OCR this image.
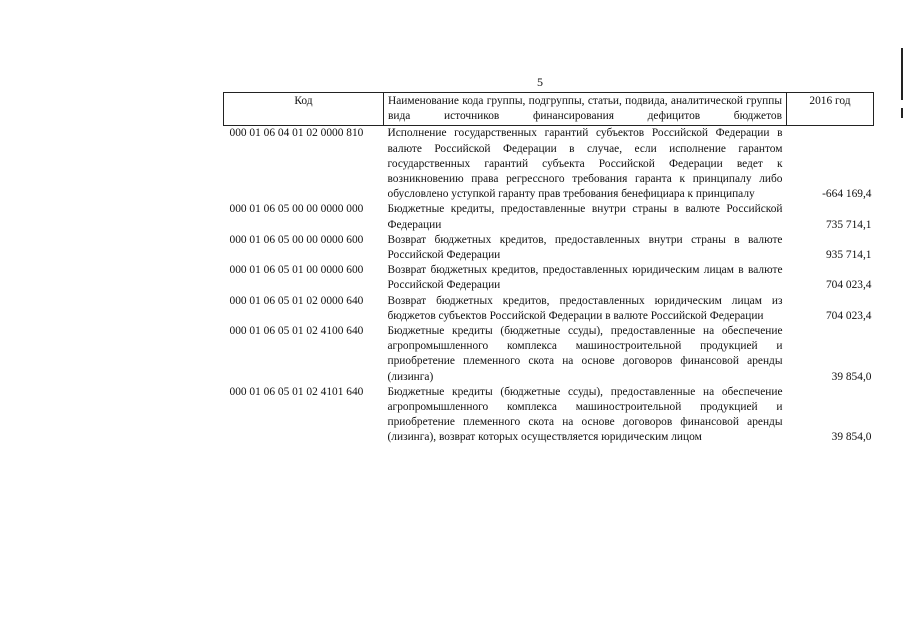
5
Код	Наименование кода группы, подгруппы, статьи, подвида, аналитической группы вида источников финансирования дефицитов бюджетов	2016 год
000 01 06 04 01 02 0000 810	Исполнение государственных гарантий субъектов Российской Федерации в валюте Российской Федерации в случае, если исполнение гарантом государственных гарантий субъекта Российской Федерации ведет к возникновению права регрессного требования гаранта к принципалу либо обусловлено уступкой гаранту прав требования бенефициара к принципалу	-664 169,4
000 01 06 05 00 00 0000 000	Бюджетные кредиты, предоставленные внутри страны в валюте Российской Федерации	735 714,1
000 01 06 05 00 00 0000 600	Возврат бюджетных кредитов, предоставленных внутри страны в валюте Российской Федерации	935 714,1
000 01 06 05 01 00 0000 600	Возврат бюджетных кредитов, предоставленных юридическим лицам в валюте Российской Федерации	704 023,4
000 01 06 05 01 02 0000 640	Возврат бюджетных кредитов, предоставленных юридическим лицам из бюджетов субъектов Российской Федерации в валюте Российской Федерации	704 023,4
000 01 06 05 01 02 4100 640	Бюджетные кредиты (бюджетные ссуды), предоставленные на обеспечение агропромышленного комплекса машиностроительной продукцией и приобретение племенного скота на основе договоров финансовой аренды (лизинга)	39 854,0
000 01 06 05 01 02 4101 640	Бюджетные кредиты (бюджетные ссуды), предоставленные на обеспечение агропромышленного комплекса машиностроительной продукцией и приобретение племенного скота на основе договоров финансовой аренды (лизинга), возврат которых осуществляется юридическим лицом	39 854,0
